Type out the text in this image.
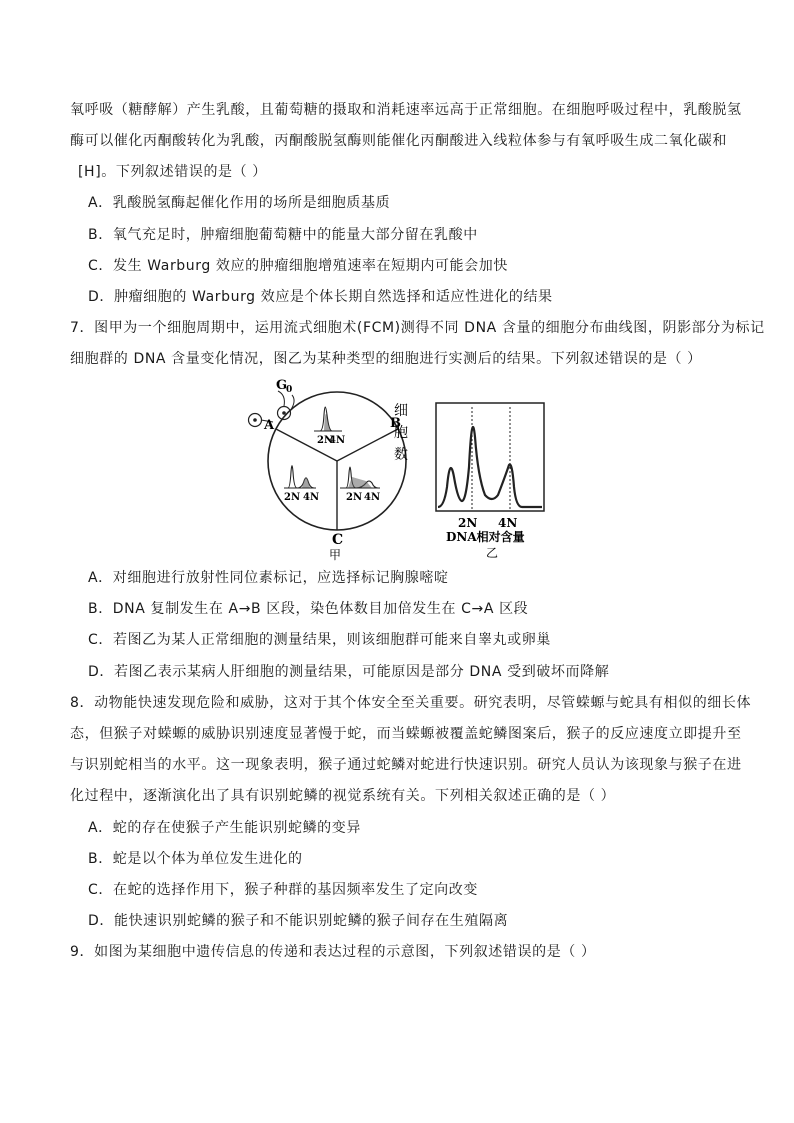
氧呼吸（糖酵解）产生乳酸，且葡萄糖的摄取和消耗速率远高于正常细胞。在细胞呼吸过程中，乳酸脱氢
酶可以催化丙酮酸转化为乳酸，丙酮酸脱氢酶则能催化丙酮酸进入线粒体参与有氧呼吸生成二氧化碳和
[H]。下列叙述错误的是（ ）
A．乳酸脱氢酶起催化作用的场所是细胞质基质
B．氧气充足时，肿瘤细胞葡萄糖中的能量大部分留在乳酸中
C．发生 Warburg 效应的肿瘤细胞增殖速率在短期内可能会加快
D．肿瘤细胞的 Warburg 效应是个体长期自然选择和适应性进化的结果
7．图甲为一个细胞周期中，运用流式细胞术(FCM)测得不同 DNA 含量的细胞分布曲线图，阴影部分为标记
细胞群的 DNA 含量变化情况，图乙为某种类型的细胞进行实测后的结果。下列叙述错误的是（ ）
G
0
A	B
C
甲
2N
4N
2N 4N	2N 4N
细
胞
数
2N 4N
DNA相对含量
乙
A．对细胞进行放射性同位素标记，应选择标记胸腺嘧啶
B．DNA 复制发生在 A→B 区段，染色体数目加倍发生在 C→A 区段
C．若图乙为某人正常细胞的测量结果，则该细胞群可能来自睾丸或卵巢
D．若图乙表示某病人肝细胞的测量结果，可能原因是部分 DNA 受到破坏而降解
8．动物能快速发现危险和威胁，这对于其个体安全至关重要。研究表明，尽管蝾螈与蛇具有相似的细长体
态，但猴子对蝾螈的威胁识别速度显著慢于蛇，而当蝾螈被覆盖蛇鳞图案后，猴子的反应速度立即提升至
与识别蛇相当的水平。这一现象表明，猴子通过蛇鳞对蛇进行快速识别。研究人员认为该现象与猴子在进
化过程中，逐渐演化出了具有识别蛇鳞的视觉系统有关。下列相关叙述正确的是（ ）
A．蛇的存在使猴子产生能识别蛇鳞的变异
B．蛇是以个体为单位发生进化的
C．在蛇的选择作用下，猴子种群的基因频率发生了定向改变
D．能快速识别蛇鳞的猴子和不能识别蛇鳞的猴子间存在生殖隔离
9．如图为某细胞中遗传信息的传递和表达过程的示意图，下列叙述错误的是（ ）
